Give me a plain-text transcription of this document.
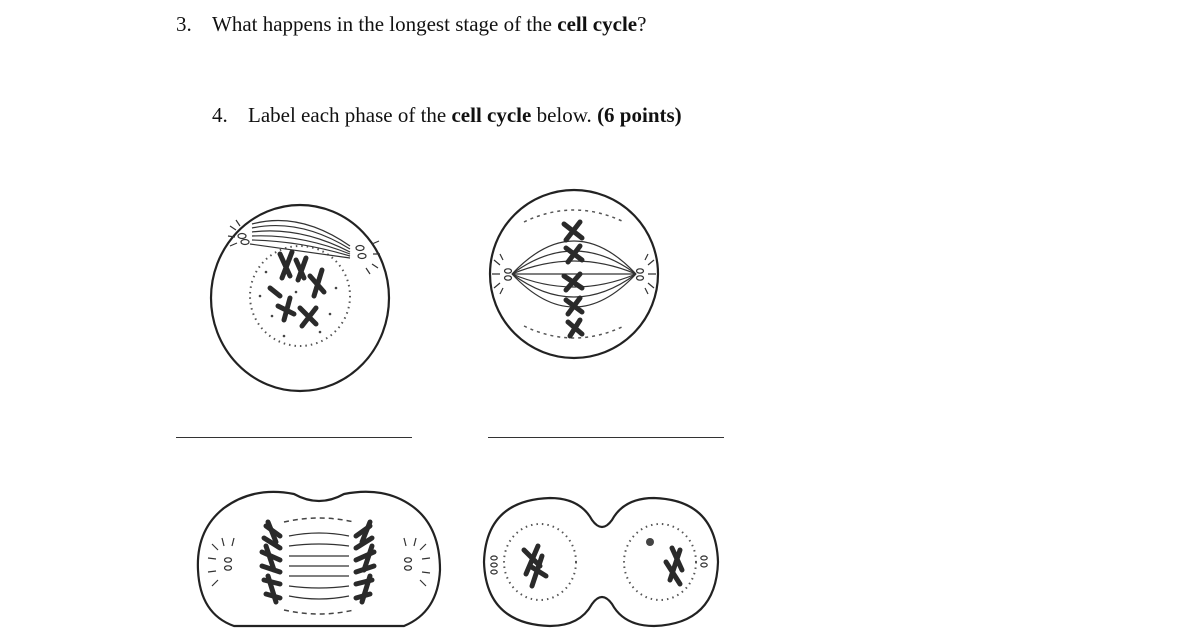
3. What happens in the longest stage of the cell cycle?
4. Label each phase of the cell cycle below. (6 points)
